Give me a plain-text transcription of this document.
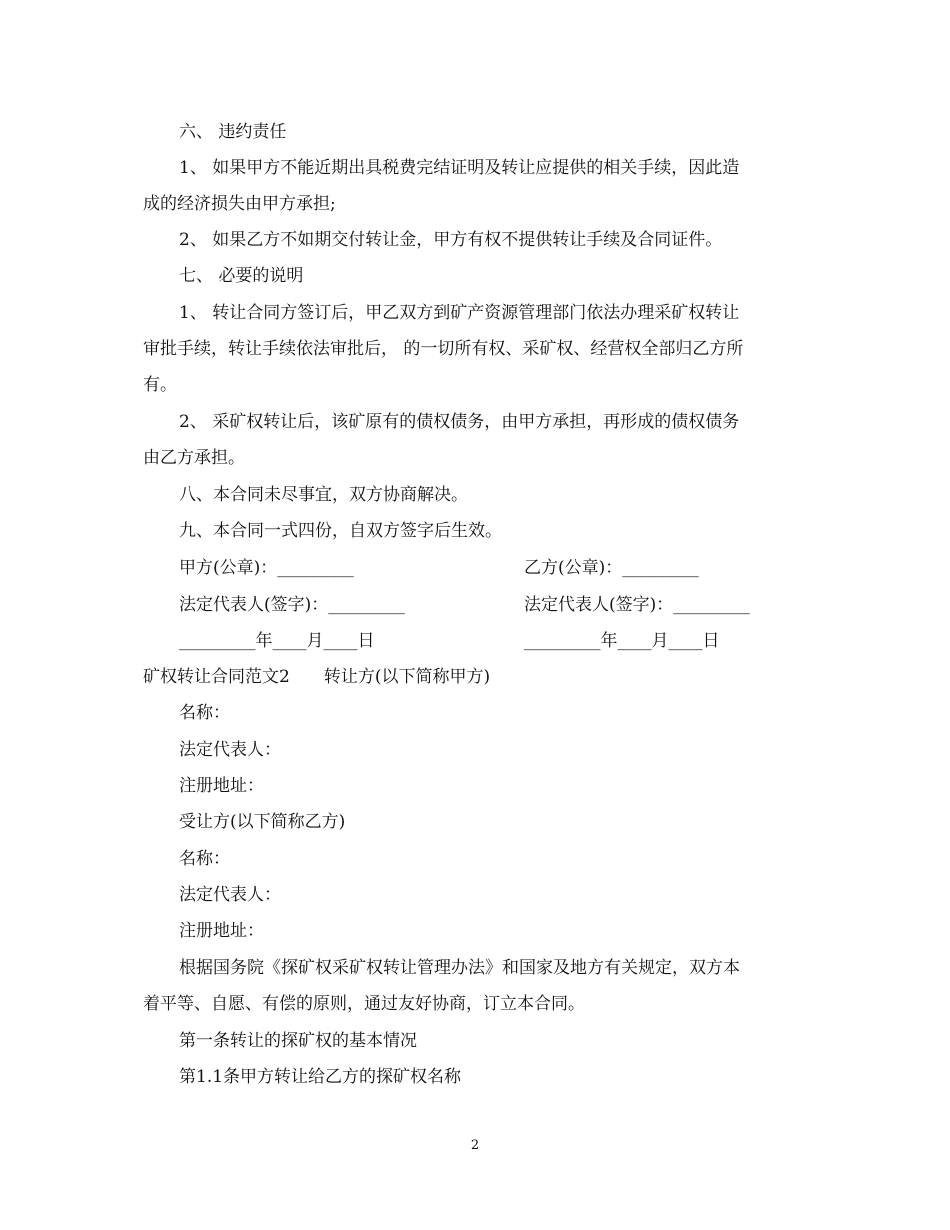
六、 违约责任
1、 如果甲方不能近期出具税费完结证明及转让应提供的相关手续，因此造
成的经济损失由甲方承担;
2、 如果乙方不如期交付转让金，甲方有权不提供转让手续及合同证件。
七、 必要的说明
1、 转让合同方签订后，甲乙双方到矿产资源管理部门依法办理采矿权转让
审批手续，转让手续依法审批后， 的一切所有权、采矿权、经营权全部归乙方所
有。
2、 采矿权转让后，该矿原有的债权债务，由甲方承担，再形成的债权债务
由乙方承担。
八、本合同未尽事宜，双方协商解决。
九、本合同一式四份，自双方签字后生效。
甲方(公章)：_________	乙方(公章)：_________
法定代表人(签字)：_________	法定代表人(签字)：_________
_________年____月____日	_________年____月____日
矿权转让合同范文2　　转让方(以下简称甲方)
名称：
法定代表人：
注册地址：
受让方(以下简称乙方)
名称：
法定代表人：
注册地址：
根据国务院《探矿权采矿权转让管理办法》和国家及地方有关规定，双方本
着平等、自愿、有偿的原则，通过友好协商，订立本合同。
第一条转让的探矿权的基本情况
第1.1条甲方转让给乙方的探矿权名称
2
